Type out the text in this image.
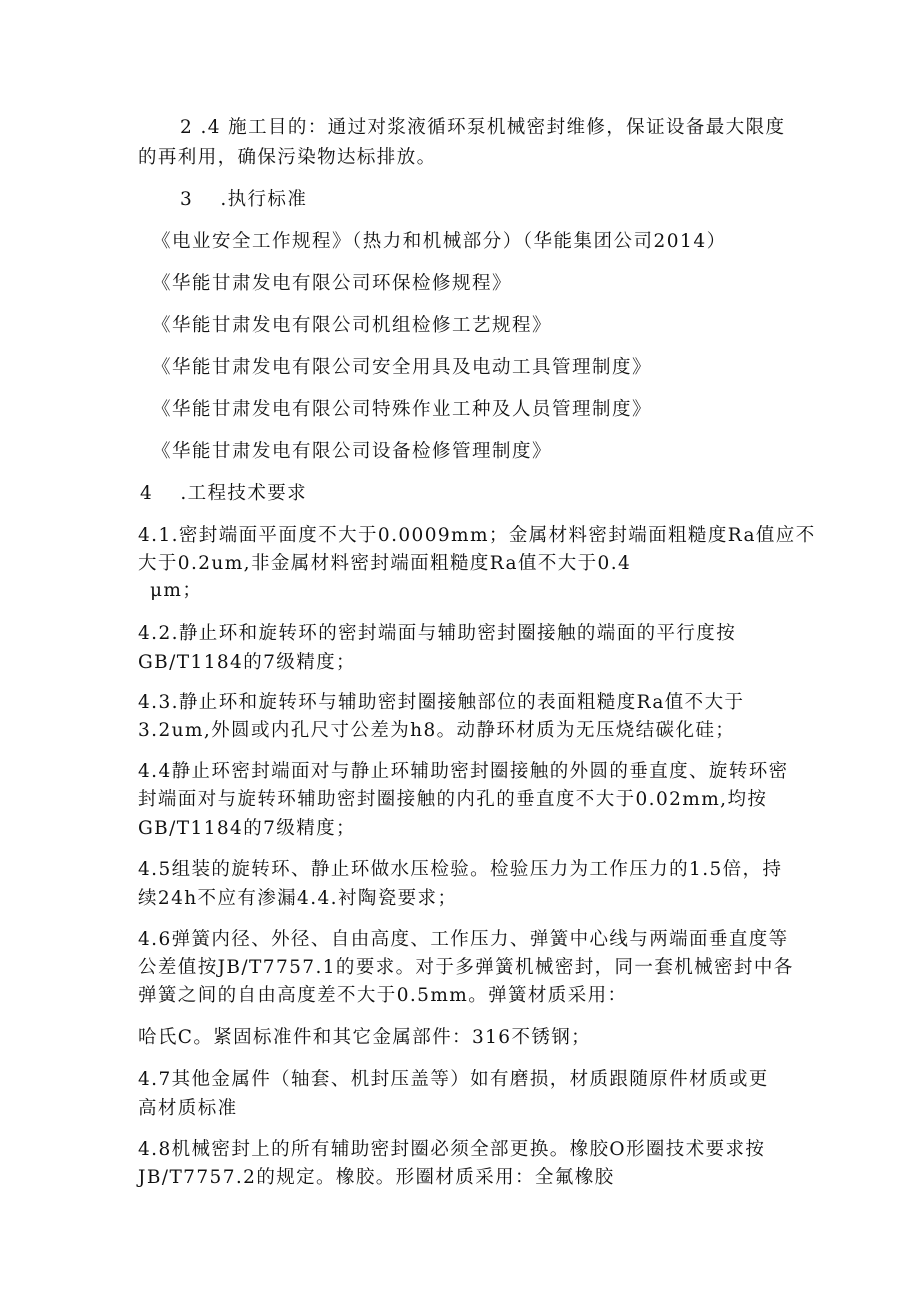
2 .4 施工目的：通过对浆液循环泵机械密封维修，保证设备最大限度
的再利用，确保污染物达标排放。
3　 .执行标准
《电业安全工作规程》（热力和机械部分）（华能集团公司2014）
《华能甘肃发电有限公司环保检修规程》
《华能甘肃发电有限公司机组检修工艺规程》
《华能甘肃发电有限公司安全用具及电动工具管理制度》
《华能甘肃发电有限公司特殊作业工种及人员管理制度》
《华能甘肃发电有限公司设备检修管理制度》
4　 .工程技术要求
4.1.密封端面平面度不大于0.0009mm；金属材料密封端面粗糙度Ra值应不
大于0.2um,非金属材料密封端面粗糙度Ra值不大于0.4
μm；
4.2.静止环和旋转环的密封端面与辅助密封圈接触的端面的平行度按
GB/T1184的7级精度；
4.3.静止环和旋转环与辅助密封圈接触部位的表面粗糙度Ra值不大于
3.2um,外圆或内孔尺寸公差为h8。动静环材质为无压烧结碳化硅；
4.4静止环密封端面对与静止环辅助密封圈接触的外圆的垂直度、旋转环密
封端面对与旋转环辅助密封圈接触的内孔的垂直度不大于0.02mm,均按
GB/T1184的7级精度；
4.5组装的旋转环、静止环做水压检验。检验压力为工作压力的1.5倍，持
续24h不应有渗漏4.4.衬陶瓷要求；
4.6弹簧内径、外径、自由高度、工作压力、弹簧中心线与两端面垂直度等
公差值按JB/T7757.1的要求。对于多弹簧机械密封，同一套机械密封中各
弹簧之间的自由高度差不大于0.5mm。弹簧材质采用：
哈氏C。紧固标准件和其它金属部件：316不锈钢；
4.7其他金属件（轴套、机封压盖等）如有磨损，材质跟随原件材质或更
高材质标准
4.8机械密封上的所有辅助密封圈必须全部更换。橡胶O形圈技术要求按
JB/T7757.2的规定。橡胶。形圈材质采用：全氟橡胶
